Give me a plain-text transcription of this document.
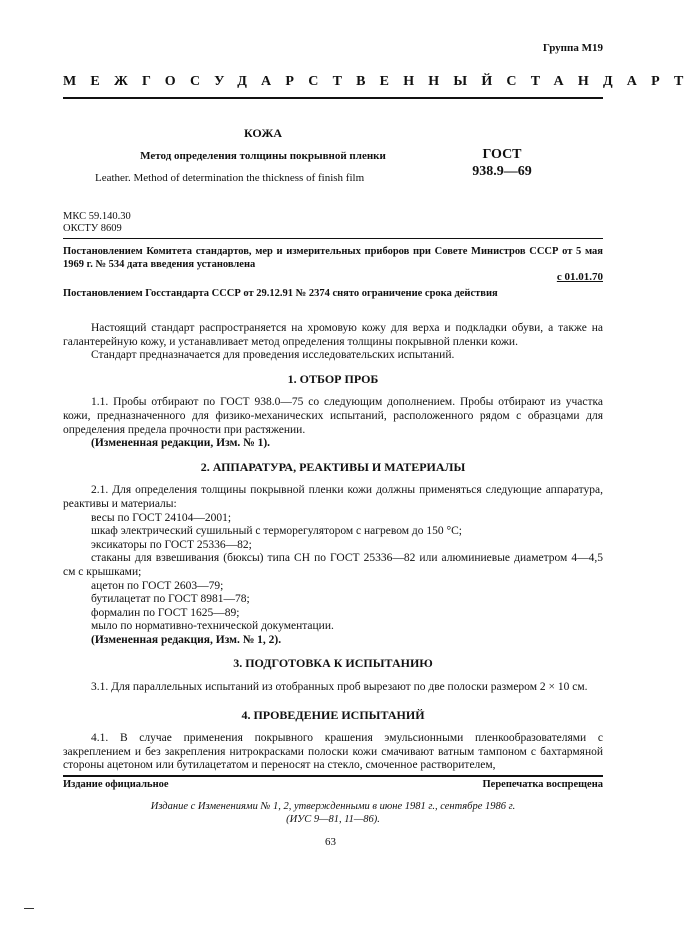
Группа М19
МЕЖГОСУДАРСТВЕННЫЙ СТАНДАРТ
КОЖА
Метод определения толщины покрывной пленки
Leather. Method of determination the thickness of finish film
ГОСТ
938.9—69
МКС 59.140.30
ОКСТУ 8609
Постановлением Комитета стандартов, мер и измерительных приборов при Совете Министров СССР от 5 мая 1969 г. № 534 дата введения установлена
с 01.01.70
Постановлением Госстандарта СССР от 29.12.91 № 2374 снято ограничение срока действия

Настоящий стандарт распространяется на хромовую кожу для верха и подкладки обуви, а также на галантерейную кожу, и устанавливает метод определения толщины покрывной пленки кожи.

Стандарт предназначается для проведения исследовательских испытаний.

1. ОТБОР ПРОБ

1.1. Пробы отбирают по ГОСТ 938.0—75 со следующим дополнением. Пробы отбирают из участка кожи, предназначенного для физико-механических испытаний, расположенного рядом с образцами для определения предела прочности при растяжении.

(Измененная редакции, Изм. № 1).

2. АППАРАТУРА, РЕАКТИВЫ И МАТЕРИАЛЫ

2.1. Для определения толщины покрывной пленки кожи должны применяться следующие аппаратура, реактивы и материалы:

весы по ГОСТ 24104—2001;

шкаф электрический сушильный с терморегулятором с нагревом до 150 °С;

эксикаторы по ГОСТ 25336—82;

стаканы для взвешивания (бюксы) типа СН по ГОСТ 25336—82 или алюминиевые диаметром 4—4,5 см с крышками;

ацетон по ГОСТ 2603—79;

бутилацетат по ГОСТ 8981—78;

формалин по ГОСТ 1625—89;

мыло по нормативно-технической документации.

(Измененная редакция, Изм. № 1, 2).

3. ПОДГОТОВКА К ИСПЫТАНИЮ

3.1. Для параллельных испытаний из отобранных проб вырезают по две полоски размером 2 × 10 см.

4. ПРОВЕДЕНИЕ ИСПЫТАНИЙ

4.1. В случае применения покрывного крашения эмульсионными пленкообразователями с закреплением и без закрепления нитрокрасками полоски кожи смачивают ватным тампоном с бахтармяной стороны ацетоном или бутилацетатом и переносят на стекло, смоченное растворителем,

Издание официальное	Перепечатка воспрещена
Издание с Изменениями № 1, 2, утвержденными в июне 1981 г., сентябре 1986 г.
(ИУС 9—81, 11—86).
63
